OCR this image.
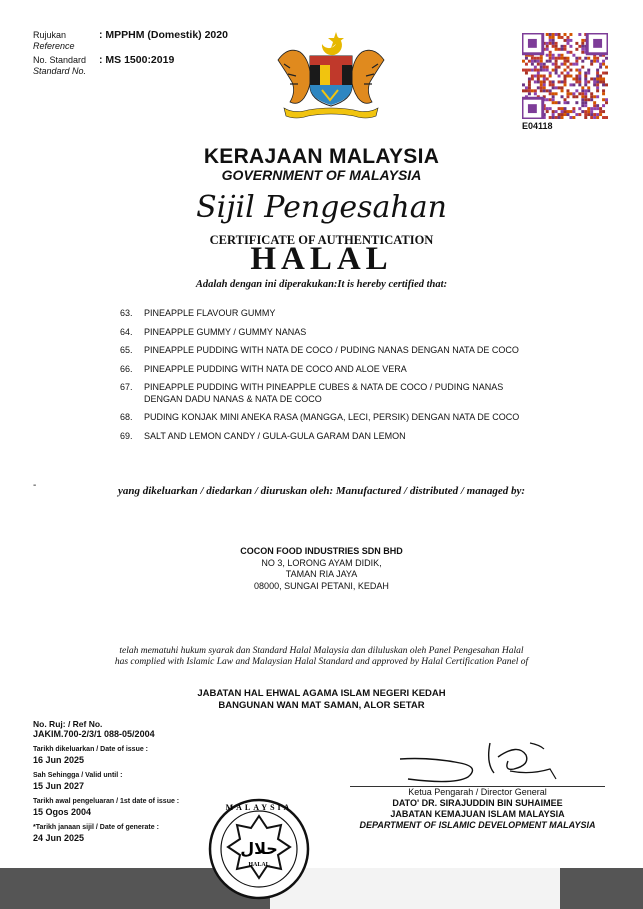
Rujukan
Reference
: MPPHM (Domestik) 2020
No. Standard
Standard No.
: MS 1500:2019
E04118
KERAJAAN MALAYSIA
GOVERNMENT OF MALAYSIA
Sijil Pengesahan
CERTIFICATE OF AUTHENTICATION
HALAL
Adalah dengan ini diperakukan:It is hereby certified that:
63.	PINEAPPLE FLAVOUR GUMMY
64.	PINEAPPLE GUMMY / GUMMY NANAS
65.	PINEAPPLE PUDDING WITH NATA DE COCO / PUDING NANAS DENGAN NATA DE COCO
66.	PINEAPPLE PUDDING WITH NATA DE COCO AND ALOE VERA
67.	PINEAPPLE PUDDING WITH PINEAPPLE CUBES & NATA DE COCO / PUDING NANAS DENGAN DADU NANAS & NATA DE COCO
68.	PUDING KONJAK MINI ANEKA RASA (MANGGA, LECI, PERSIK) DENGAN NATA DE COCO
69.	SALT AND LEMON CANDY / GULA-GULA GARAM DAN LEMON
-	yang dikeluarkan / diedarkan / diuruskan oleh: Manufactured / distributed / managed by:
COCON FOOD INDUSTRIES SDN BHD
NO 3, LORONG AYAM DIDIK,
TAMAN RIA JAYA
08000, SUNGAI PETANI, KEDAH
telah mematuhi hukum syarak dan Standard Halal Malaysia dan diluluskan oleh Panel Pengesahan Halal
has complied with Islamic Law and Malaysian Halal Standard and approved by Halal Certification Panel of
JABATAN HAL EHWAL AGAMA ISLAM NEGERI KEDAH
BANGUNAN WAN MAT SAMAN, ALOR SETAR
No. Ruj: / Ref No.
JAKIM.700-2/3/1 088-05/2004
Tarikh dikeluarkan / Date of issue :
16 Jun 2025
Sah Sehingga / Valid until :
15 Jun 2027
Tarikh awal pengeluaran / 1st date of issue :
15 Ogos 2004
*Tarikh janaan sijil / Date of generate :
24 Jun 2025
MALAYSIA
حلال
HALAL
Ketua Pengarah / Director General
DATO' DR. SIRAJUDDIN BIN SUHAIMEE
JABATAN KEMAJUAN ISLAM MALAYSIA
DEPARTMENT OF ISLAMIC DEVELOPMENT MALAYSIA
